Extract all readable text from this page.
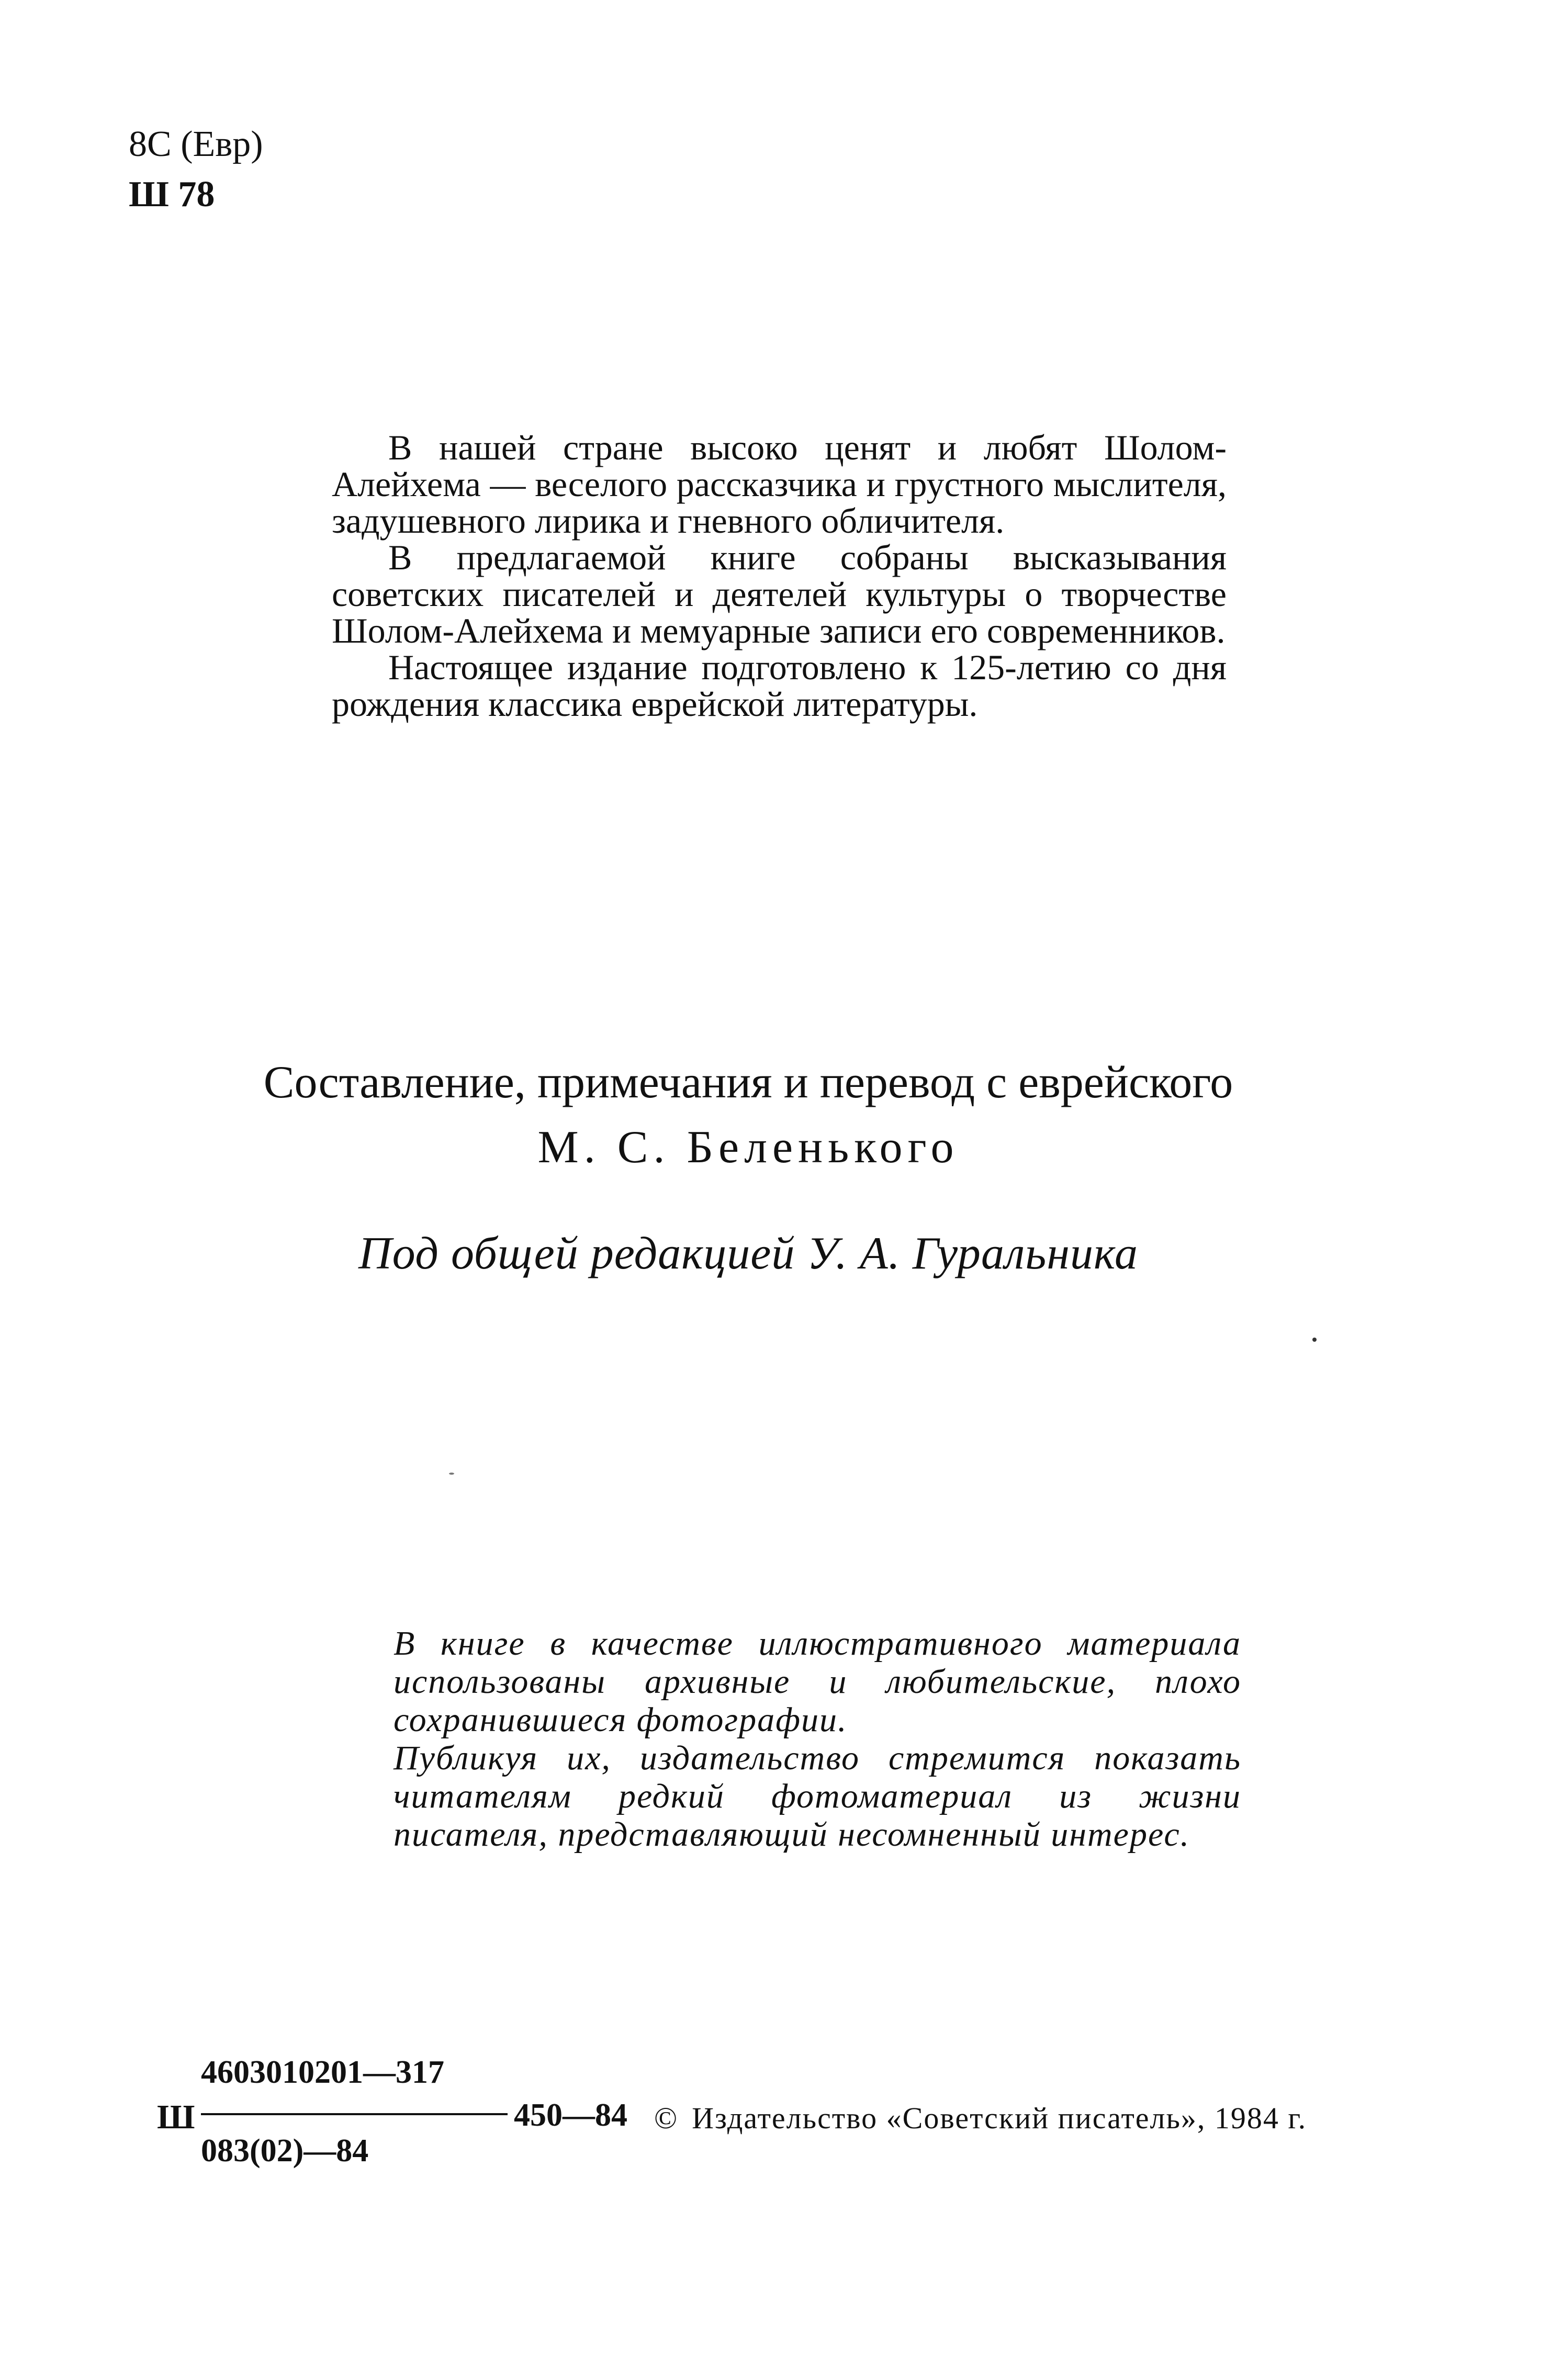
8С (Евр)
Ш 78

В нашей стране высоко ценят и любят Шолом-Алейхема — веселого рассказчика и грустного мыслителя, задушевного лирика и гневного обличителя.

В предлагаемой книге собраны высказывания советских писателей и деятелей культуры о творчестве Шолом-Алейхема и мемуарные записи его современников.

Настоящее издание подготовлено к 125-летию со дня рождения классика еврейской литературы.

Составление, примечания и перевод с еврейского
М. С. Беленького
Под общей редакцией У. А. Гуральника

В книге в качестве иллюстративного материала использованы архивные и любительские, плохо сохранившиеся фотографии.

Публикуя их, издательство стремится показать читателям редкий фотоматериал из жизни писателя, представляющий несомненный интерес.

Ш
4603010201—317
083(02)—84
450—84 © Издательство «Советский писатель», 1984 г.
